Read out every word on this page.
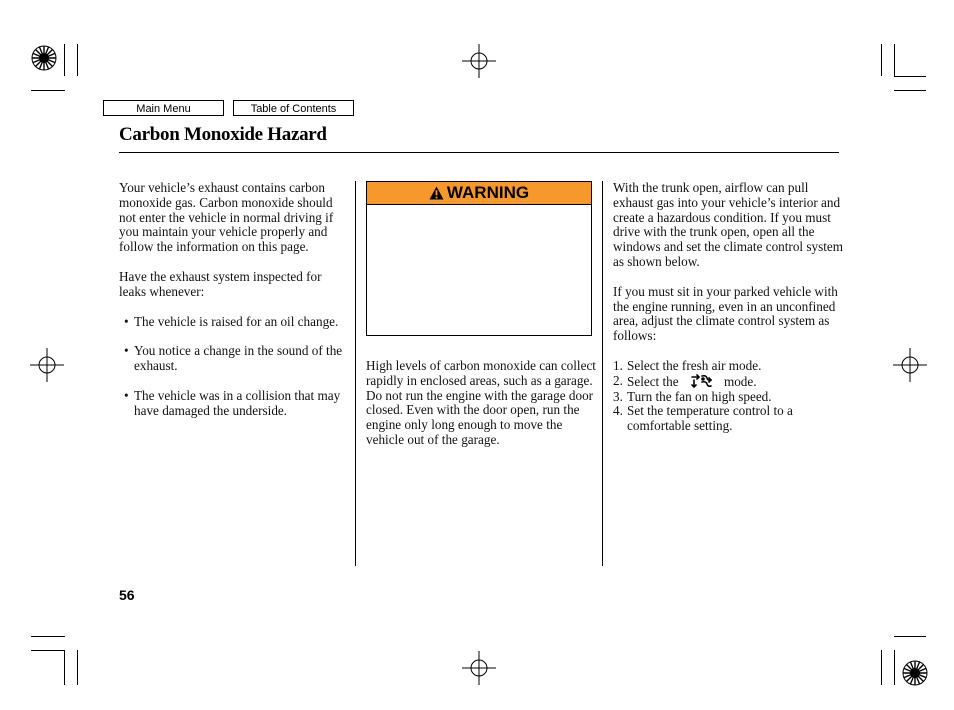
Main Menu	Table of Contents
Carbon Monoxide Hazard

Your vehicle’s exhaust contains carbon monoxide gas. Carbon monoxide should not enter the vehicle in normal driving if you maintain your vehicle properly and follow the information on this page.

Have the exhaust system inspected for leaks whenever:

• The vehicle is raised for an oil change.
• You notice a change in the sound of the exhaust.
• The vehicle was in a collision that may have damaged the underside.
WARNING

High levels of carbon monoxide can collect rapidly in enclosed areas, such as a garage. Do not run the engine with the garage door closed. Even with the door open, run the engine only long enough to move the vehicle out of the garage.

With the trunk open, airflow can pull exhaust gas into your vehicle’s interior and create a hazardous condition. If you must drive with the trunk open, open all the windows and set the climate control system as shown below.

If you must sit in your parked vehicle with the engine running, even in an unconfined area, adjust the climate control system as follows:

1. Select the fresh air mode.
2. Select the	mode.
3. Turn the fan on high speed.
4. Set the temperature control to a comfortable setting.
56
